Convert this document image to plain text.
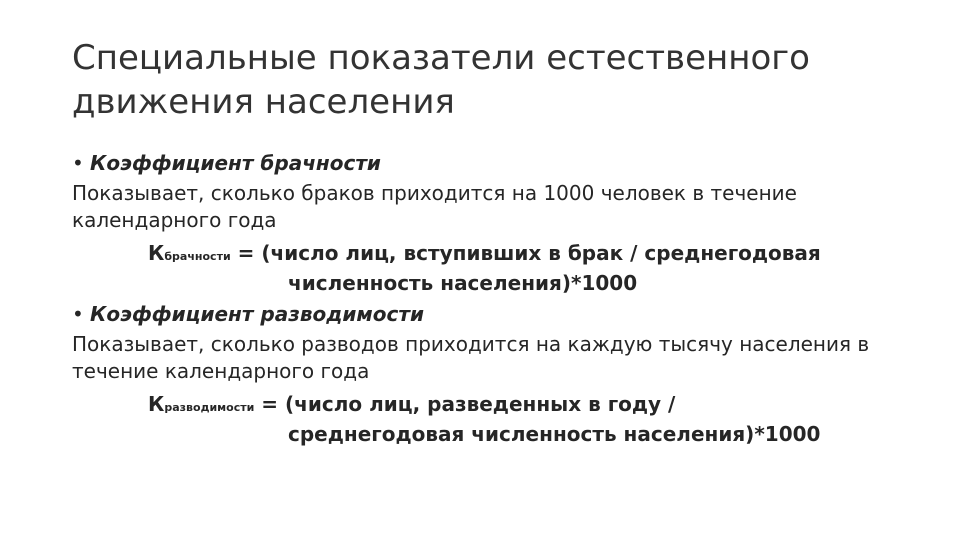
Специальные показатели естественного движения населения
• Коэффициент брачности

Показывает, сколько браков приходится на 1000 человек в течение календарного года

Кбрачности = (число лиц, вступивших в брак / среднегодовая
численность населения)*1000
• Коэффициент разводимости

Показывает, сколько разводов приходится на каждую тысячу населения в течение календарного года

Кразводимости = (число лиц, разведенных в году /
среднегодовая численность населения)*1000
